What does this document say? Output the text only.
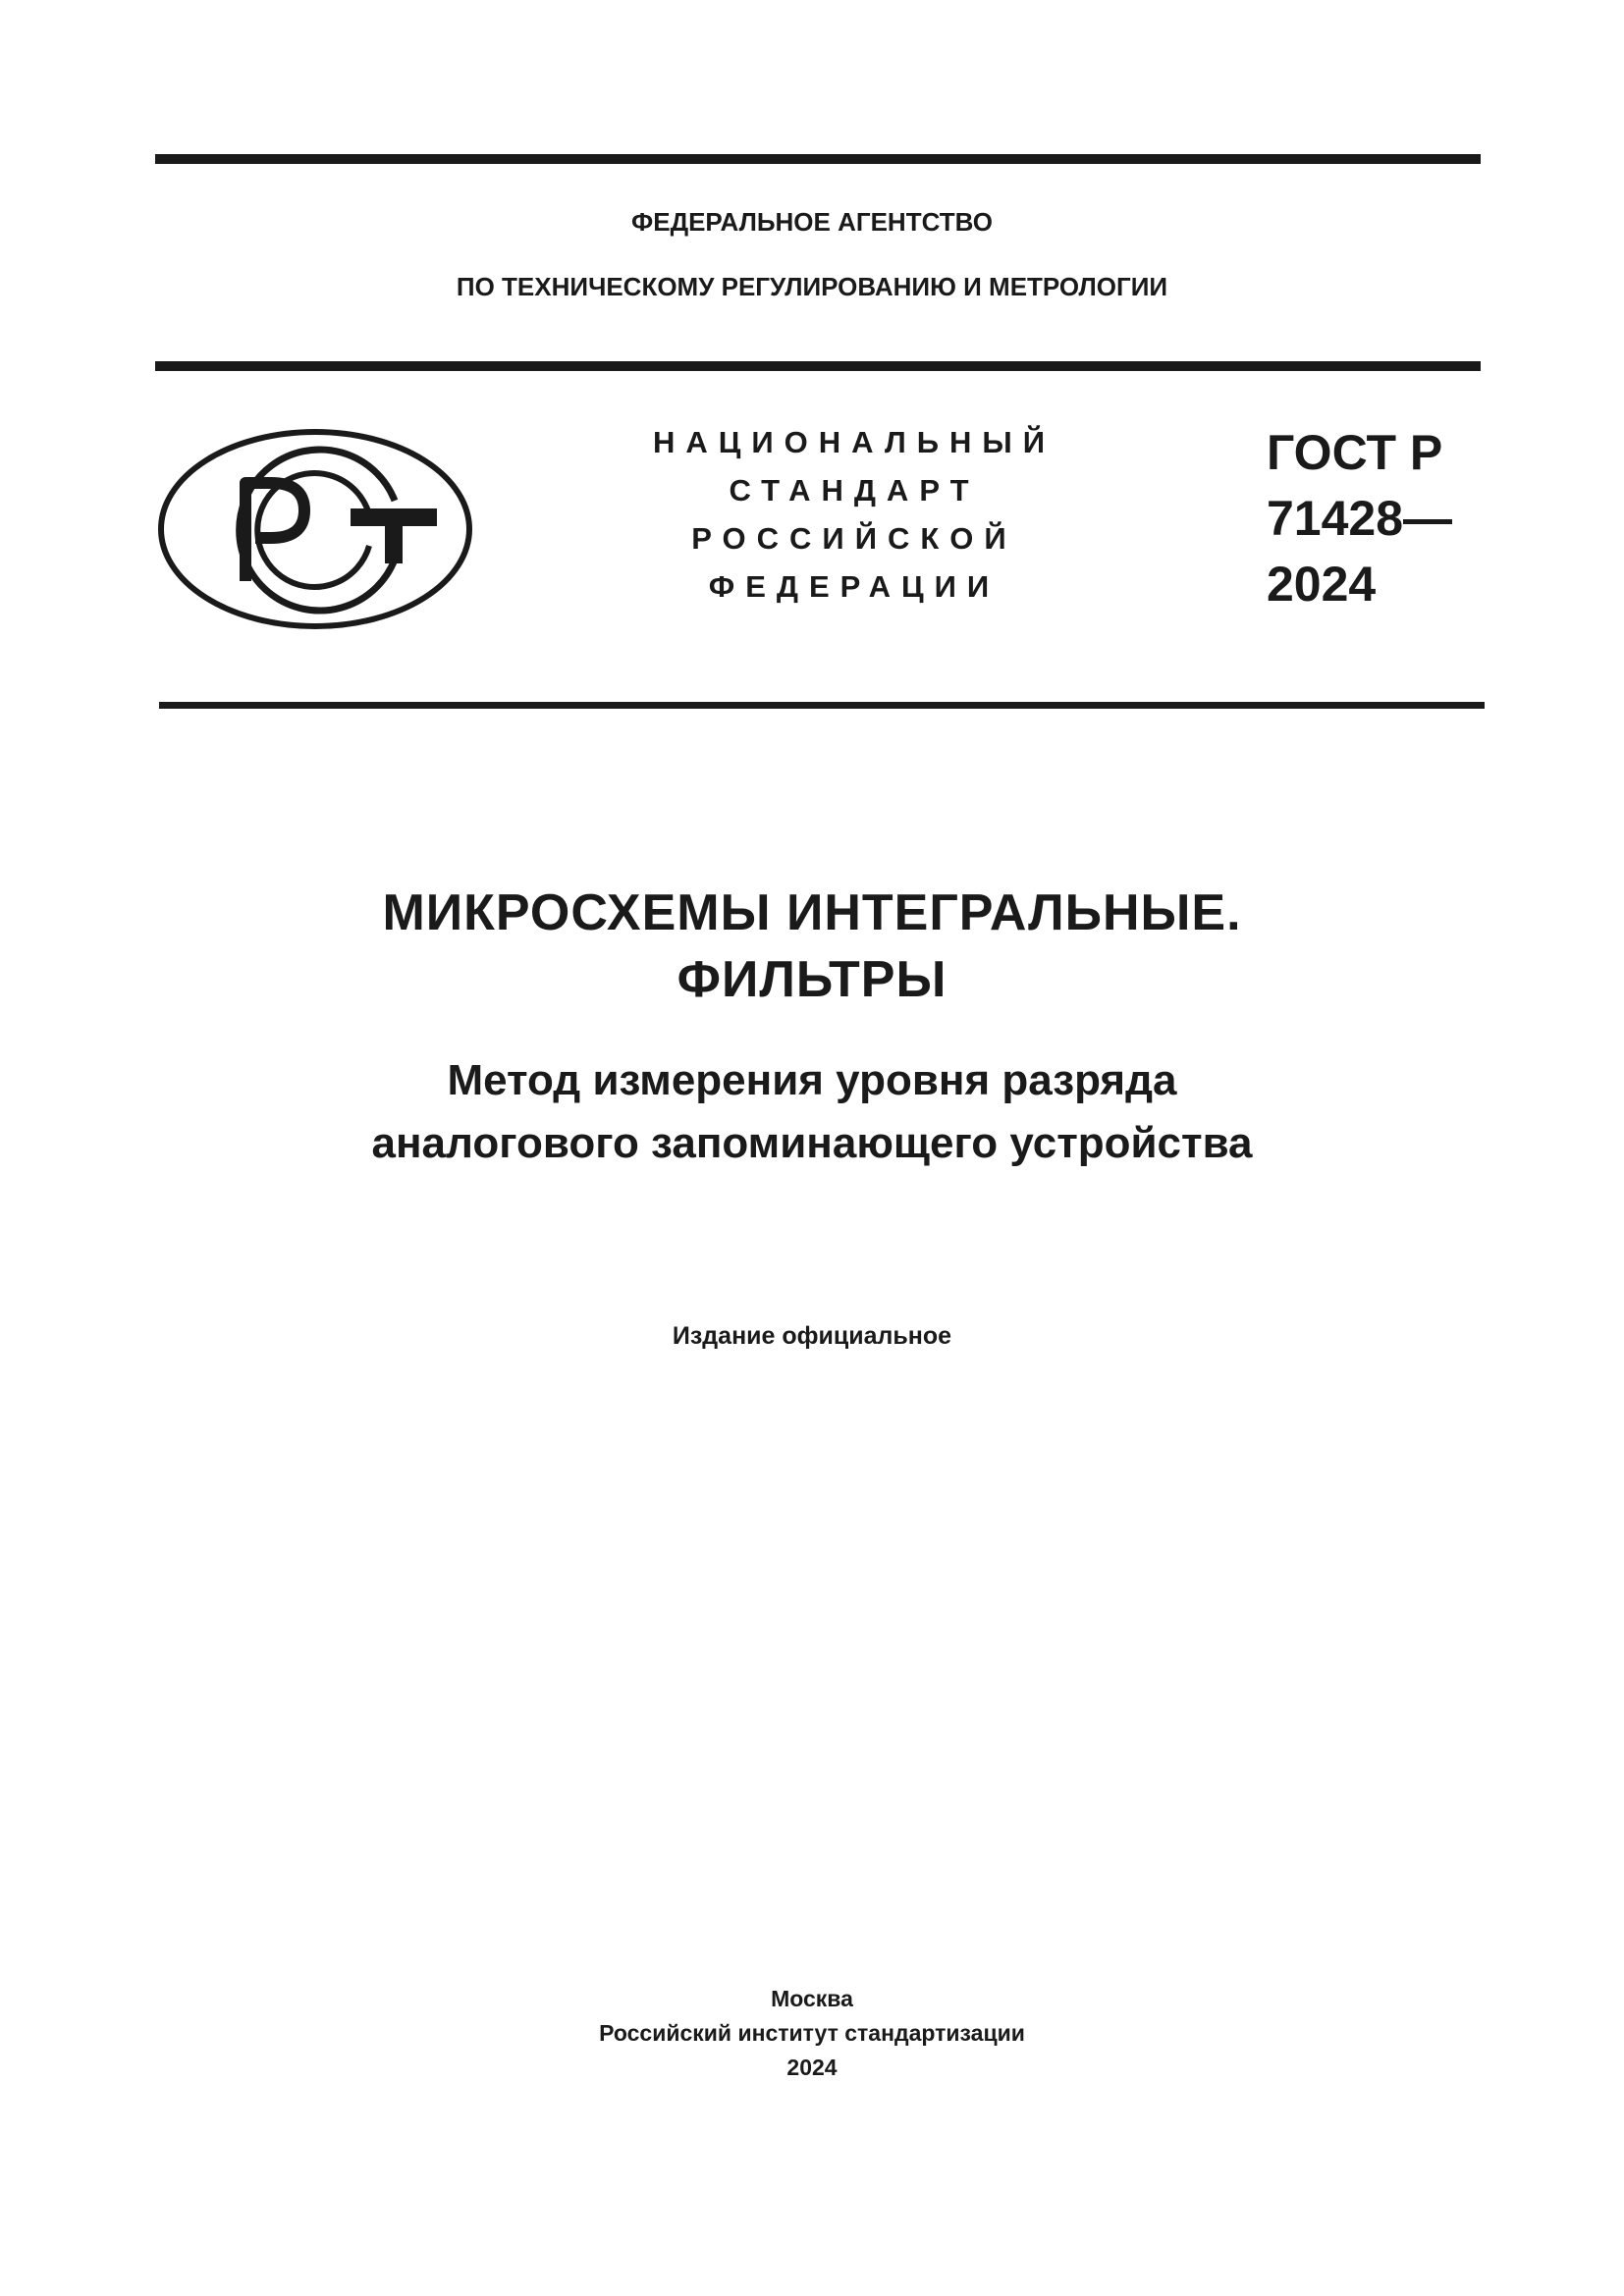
ФЕДЕРАЛЬНОЕ АГЕНТСТВО

ПО ТЕХНИЧЕСКОМУ РЕГУЛИРОВАНИЮ И МЕТРОЛОГИИ

НАЦИОНАЛЬНЫЙ

СТАНДАРТ

РОССИЙСКОЙ

ФЕДЕРАЦИИ

ГОСТ Р

71428—

2024

МИКРОСХЕМЫ ИНТЕГРАЛЬНЫЕ.
ФИЛЬТРЫ
Метод измерения уровня разряда
аналогового запоминающего устройства

Издание официальное

Москва

Российский институт стандартизации

2024
